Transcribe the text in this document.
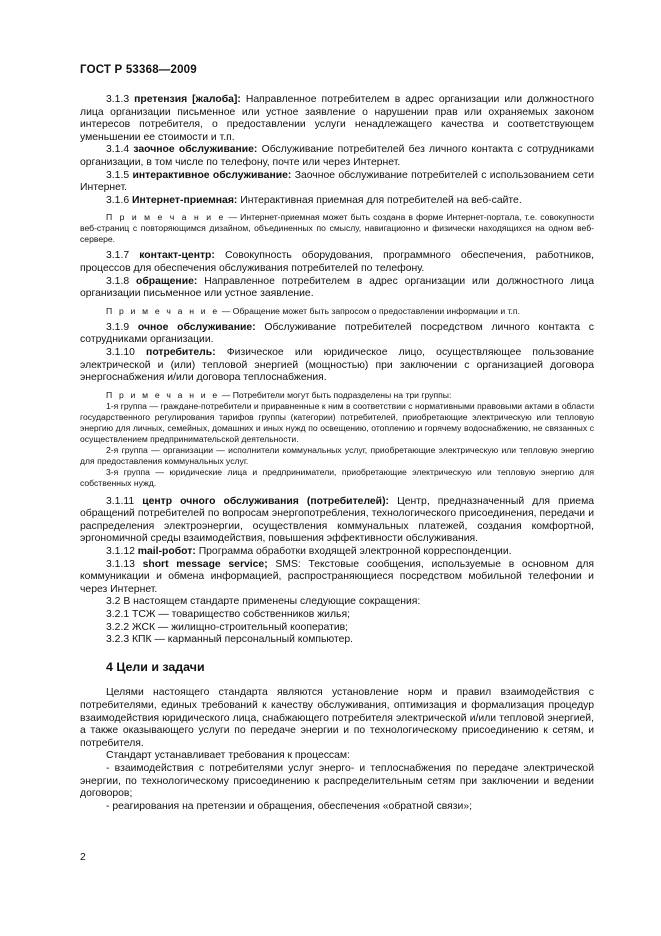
ГОСТ Р 53368—2009

3.1.3 претензия [жалоба]: Направленное потребителем в адрес организации или должностного лица организации письменное или устное заявление о нарушении прав или охраняемых законом интересов потребителя, о предоставлении услуги ненадлежащего качества и соответствующем уменьшении ее стоимости и т.п.

3.1.4 заочное обслуживание: Обслуживание потребителей без личного контакта с сотрудниками организации, в том числе по телефону, почте или через Интернет.

3.1.5 интерактивное обслуживание: Заочное обслуживание потребителей с использованием сети Интернет.

3.1.6 Интернет-приемная: Интерактивная приемная для потребителей на веб-сайте.

П р и м е ч а н и е — Интернет-приемная может быть создана в форме Интернет-портала, т.е. совокупности веб-страниц с повторяющимся дизайном, объединенных по смыслу, навигационно и физически находящихся на одном веб-сервере.

3.1.7 контакт-центр: Совокупность оборудования, программного обеспечения, работников, процессов для обеспечения обслуживания потребителей по телефону.

3.1.8 обращение: Направленное потребителем в адрес организации или должностного лица организации письменное или устное заявление.

П р и м е ч а н и е — Обращение может быть запросом о предоставлении информации и т.п.

3.1.9 очное обслуживание: Обслуживание потребителей посредством личного контакта с сотрудниками организации.

3.1.10 потребитель: Физическое или юридическое лицо, осуществляющее пользование электрической и (или) тепловой энергией (мощностью) при заключении с организацией договора энергоснабжения и/или договора теплоснабжения.

П р и м е ч а н и е — Потребители могут быть подразделены на три группы:

1-я группа — граждане-потребители и приравненные к ним в соответствии с нормативными правовыми актами в области государственного регулирования тарифов группы (категории) потребителей, приобретающие электрическую или тепловую энергию для личных, семейных, домашних и иных нужд по освещению, отоплению и горячему водоснабжению, не связанных с осуществлением предпринимательской деятельности.

2-я группа — организации — исполнители коммунальных услуг, приобретающие электрическую или тепловую энергию для предоставления коммунальных услуг.

3-я группа — юридические лица и предприниматели, приобретающие электрическую или тепловую энергию для собственных нужд.

3.1.11 центр очного обслуживания (потребителей): Центр, предназначенный для приема обращений потребителей по вопросам энергопотребления, технологического присоединения, передачи и распределения электроэнергии, осуществления коммунальных платежей, создания комфортной, эргономичной среды взаимодействия, повышения эффективности обслуживания.

3.1.12 mail-робот: Программа обработки входящей электронной корреспонденции.

3.1.13 short message service; SMS: Текстовые сообщения, используемые в основном для коммуникации и обмена информацией, распространяющиеся посредством мобильной телефонии и через Интернет.

3.2 В настоящем стандарте применены следующие сокращения:

3.2.1 ТСЖ — товарищество собственников жилья;

3.2.2 ЖСК — жилищно-строительный кооператив;

3.2.3 КПК — карманный персональный компьютер.

4 Цели и задачи

Целями настоящего стандарта являются установление норм и правил взаимодействия с потребителями, единых требований к качеству обслуживания, оптимизация и формализация процедур взаимодействия юридического лица, снабжающего потребителя электрической и/или тепловой энергией, а также оказывающего услуги по передаче энергии и по технологическому присоединению к сетям, и потребителя.

Стандарт устанавливает требования к процессам:

- взаимодействия с потребителями услуг энерго- и теплоснабжения по передаче электрической энергии, по технологическому присоединению к распределительным сетям при заключении и ведении договоров;

- реагирования на претензии и обращения, обеспечения «обратной связи»;

2
